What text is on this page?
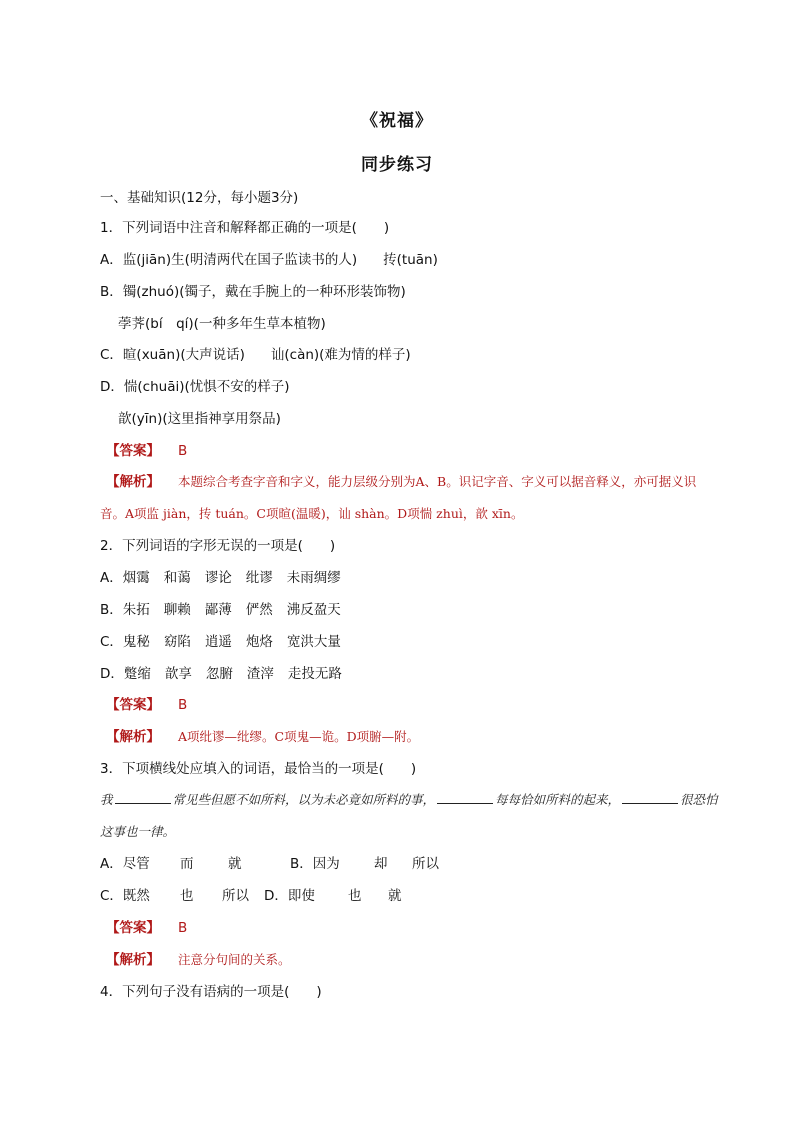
《祝福》
同步练习
一、基础知识(12分，每小题3分)
1．下列词语中注音和解释都正确的一项是(　　)
A．监(jiān)生(明清两代在国子监读书的人) 抟(tuān)
B．镯(zhuó)(镯子，戴在手腕上的一种环形装饰物)
荸荠(bí　qí)(一种多年生草本植物)
C．暄(xuān)(大声说话) 讪(càn)(难为情的样子)
D．惴(chuāi)(忧惧不安的样子)
歆(yīn)(这里指神享用祭品)
【答案】 B
【解析】 本题综合考查字音和字义，能力层级分别为A、B。识记字音、字义可以据音释义，亦可据义识音。A项监 jiàn，抟 tuán。C项暄(温暖)，讪 shàn。D项惴 zhuì，歆 xīn。
2．下列词语的字形无误的一项是(　　)
A．烟霭 和蔼 谬论 纰谬 未雨绸缪
B．朱拓 聊赖 鄙薄 俨然 沸反盈天
C．鬼秘 窈陷 逍遥 炮烙 宽洪大量
D．蹩缩 歆享 忽腑 渣滓 走投无路
【答案】 B
【解析】 A项纰谬—纰缪。C项鬼—诡。D项腑—附。
3．下项横线处应填入的词语，最恰当的一项是(　　)
我	常见些但愿不如所料，以为未必竟如所料的事，	每每恰如所料的起来，	很恐怕这事也一律。
A．尽管 而	就	B．因为	却 所以
C．既然 也 所以 D．即使 也 就
【答案】 B
【解析】 注意分句间的关系。
4．下列句子没有语病的一项是(　　)
